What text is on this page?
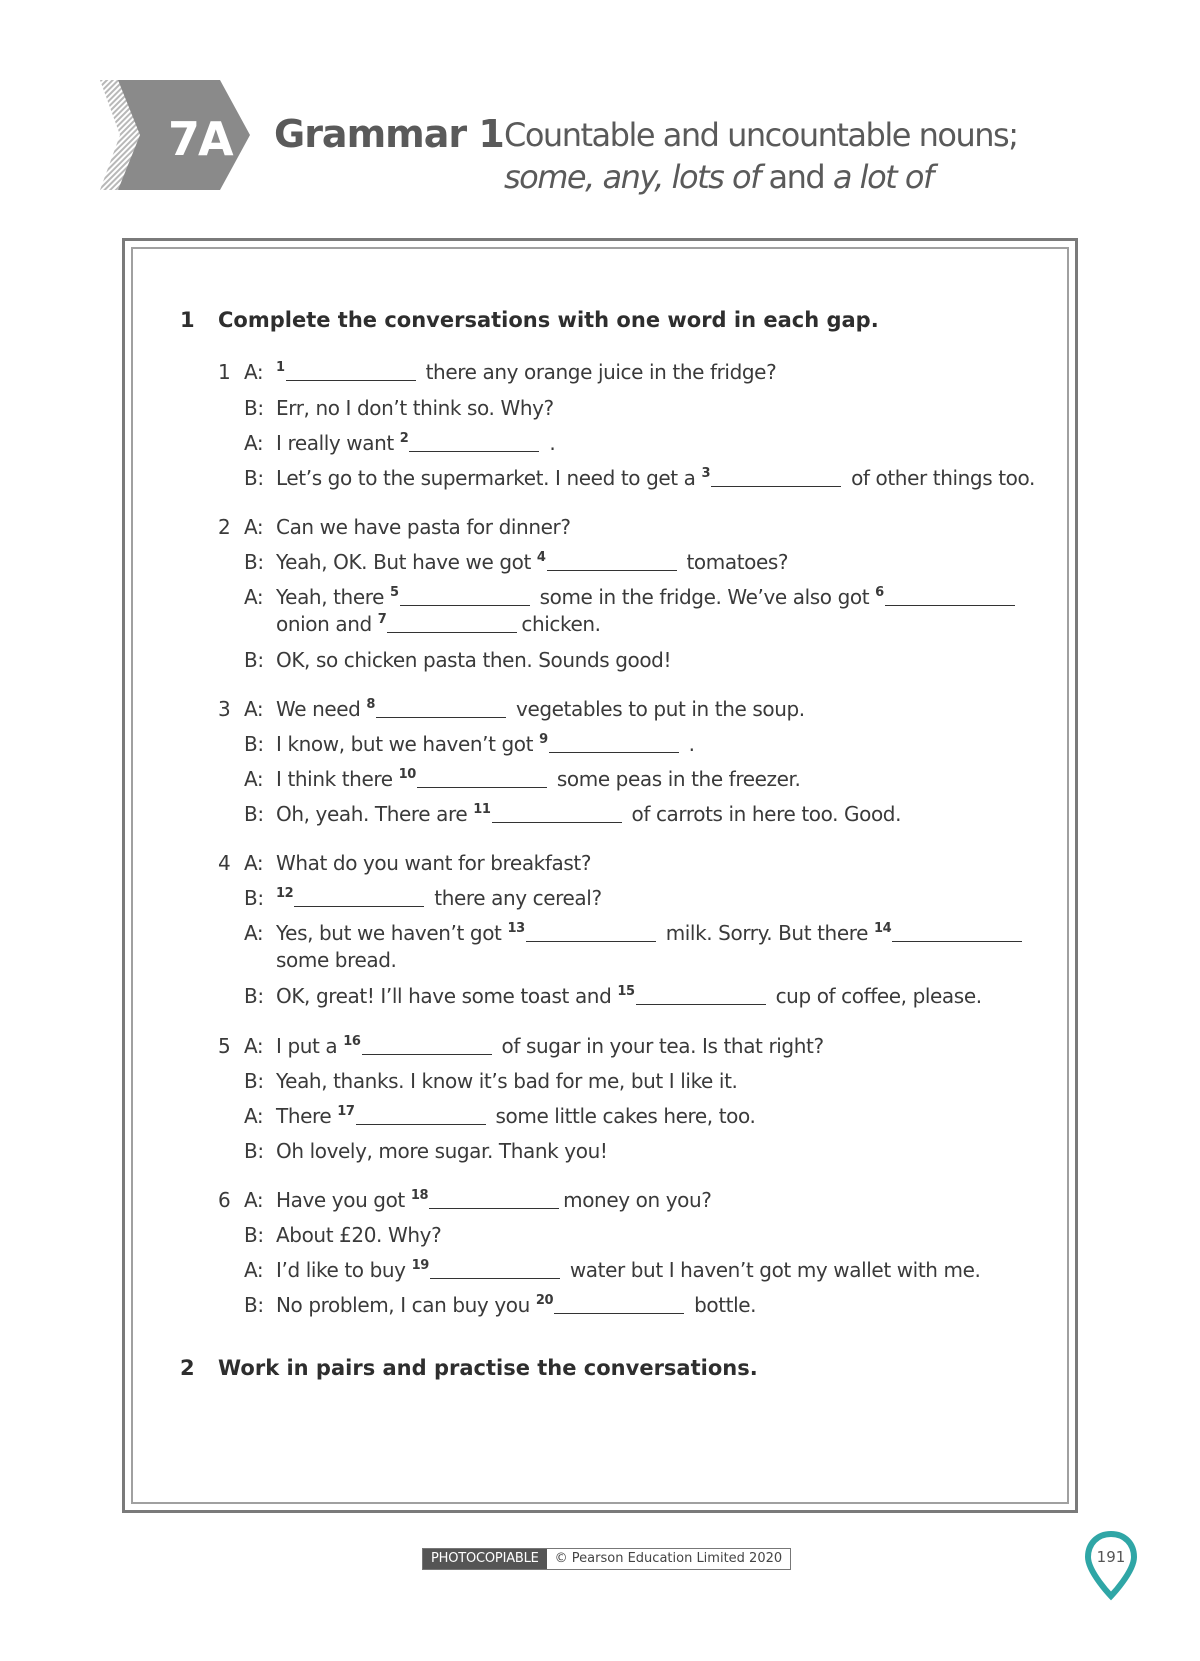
7A Grammar 1 Countable and uncountable nouns;
some, any, lots of and a lot of
1 Complete the conversations with one word in each gap.
1 A: $^1$	there any orange juice in the fridge?
B: Err, no I don’t think so. Why?
A: I really want $^2$	.
B: Let’s go to the supermarket. I need to get a $^3$	of other things too.
2 A: Can we have pasta for dinner?
B: Yeah, OK. But have we got $^4$	tomatoes?
A: Yeah, there $^5$	some in the fridge. We’ve also got $^6$
onion and $^7$	chicken.
B: OK, so chicken pasta then. Sounds good!
3 A: We need $^8$	vegetables to put in the soup.
B: I know, but we haven’t got $^9$	.
A: I think there $^{10}$	some peas in the freezer.
B: Oh, yeah. There are $^{11}$	of carrots in here too. Good.
4 A: What do you want for breakfast?
B: $^{12}$	there any cereal?
A: Yes, but we haven’t got $^{13}$	milk. Sorry. But there $^{14}$
some bread.
B: OK, great! I’ll have some toast and $^{15}$	cup of coffee, please.
5 A: I put a $^{16}$	of sugar in your tea. Is that right?
B: Yeah, thanks. I know it’s bad for me, but I like it.
A: There $^{17}$	some little cakes here, too.
B: Oh lovely, more sugar. Thank you!
6 A: Have you got $^{18}$	money on you?
B: About £20. Why?
A: I’d like to buy $^{19}$	water but I haven’t got my wallet with me.
B: No problem, I can buy you $^{20}$	bottle.
2 Work in pairs and practise the conversations.
PHOTOCOPIABLE	© Pearson Education Limited 2020	191
